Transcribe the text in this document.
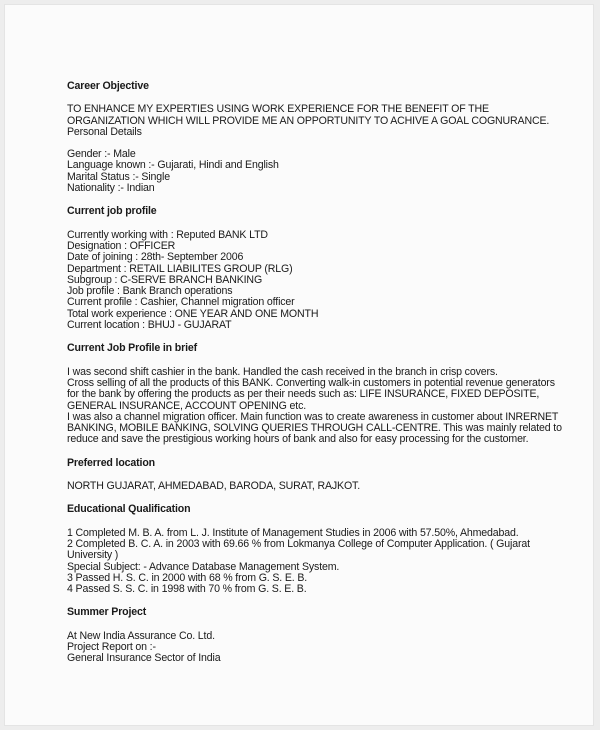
Career Objective

TO ENHANCE MY EXPERTIES USING WORK EXPERIENCE FOR THE BENEFIT OF THE

ORGANIZATION WHICH WILL PROVIDE ME AN OPPORTUNITY TO ACHIVE A GOAL COGNURANCE.

Personal Details

Gender :- Male

Language known :- Gujarati, Hindi and English

Marital Status :- Single

Nationality :- Indian

Current job profile

Currently working with : Reputed BANK LTD

Designation : OFFICER

Date of joining : 28th- September 2006

Department : RETAIL LIABILITES GROUP (RLG)

Subgroup : C-SERVE BRANCH BANKING

Job profile : Bank Branch operations

Current profile : Cashier, Channel migration officer

Total work experience : ONE YEAR AND ONE MONTH

Current location : BHUJ - GUJARAT

Current Job Profile in brief

I was second shift cashier in the bank. Handled the cash received in the branch in crisp covers.

Cross selling of all the products of this BANK. Converting walk-in customers in potential revenue generators

for the bank by offering the products as per their needs such as: LIFE INSURANCE, FIXED DEPOSITE,

GENERAL INSURANCE, ACCOUNT OPENING etc.

I was also a channel migration officer. Main function was to create awareness in customer about INRERNET

BANKING, MOBILE BANKING, SOLVING QUERIES THROUGH CALL-CENTRE. This was mainly related to

reduce and save the prestigious working hours of bank and also for easy processing for the customer.

Preferred location

NORTH GUJARAT, AHMEDABAD, BARODA, SURAT, RAJKOT.

Educational Qualification

1 Completed M. B. A. from L. J. Institute of Management Studies in 2006 with 57.50%, Ahmedabad.

2 Completed B. C. A. in 2003 with 69.66 % from Lokmanya College of Computer Application. ( Gujarat

University )

Special Subject: - Advance Database Management System.

3 Passed H. S. C. in 2000 with 68 % from G. S. E. B.

4 Passed S. S. C. in 1998 with 70 % from G. S. E. B.

Summer Project

At New India Assurance Co. Ltd.

Project Report on :-

General Insurance Sector of India
